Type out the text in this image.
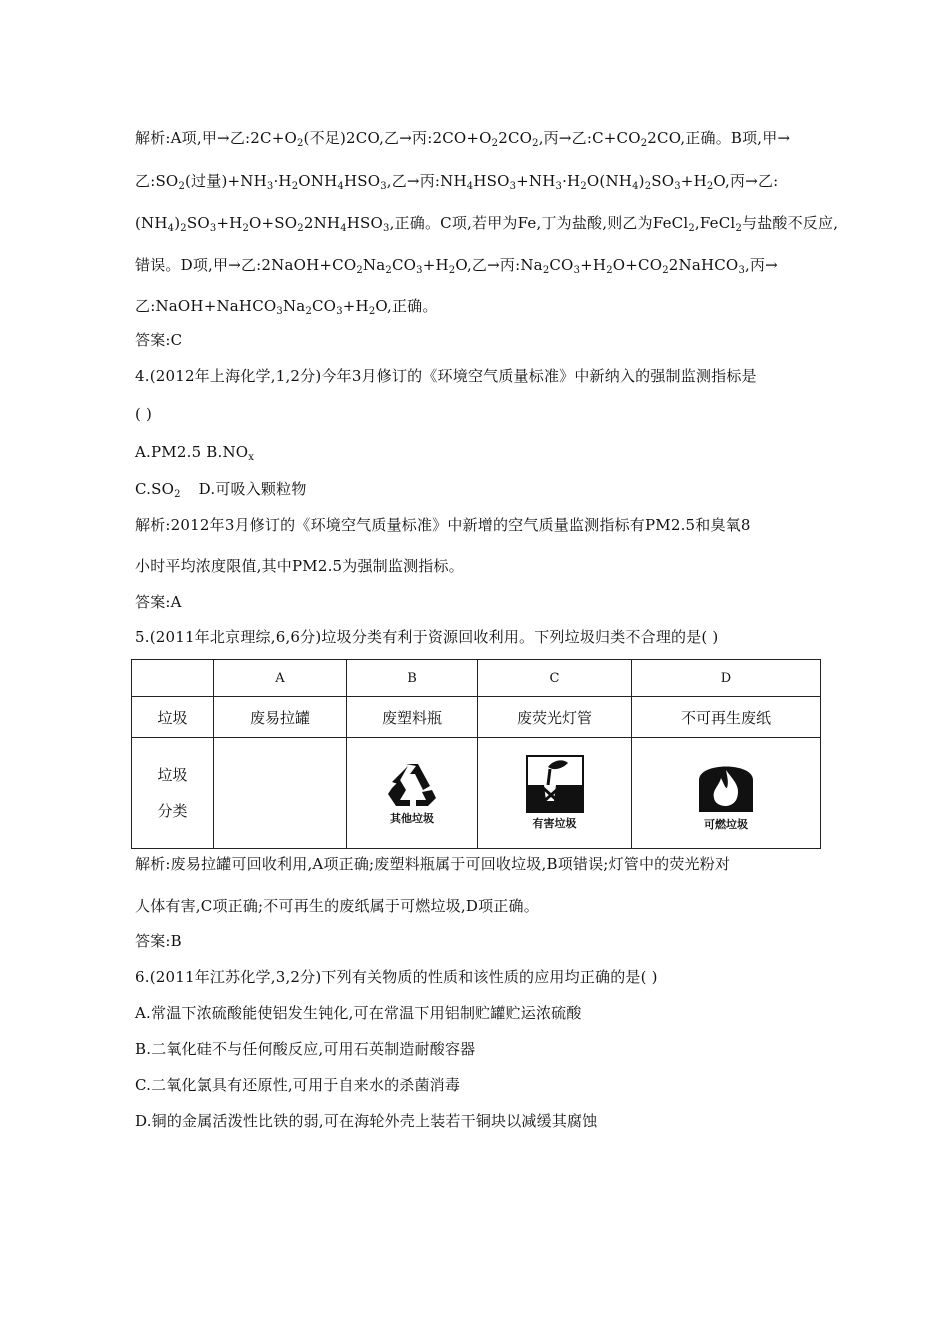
解析:A项,甲→乙$:2C+O_2$(不足)2CO,乙→丙$:2CO+O_22CO_2$,丙→乙$:C+CO_22CO$,正确。B项,甲→
乙$:SO_2$(过量)$+NH_3\cdot H_2ONH_4HSO_3$,乙→丙$:NH_4HSO_3+NH_3\cdot H_2O(NH_4)_2SO_3+H_2O$,丙→乙:
$(NH_4)_2SO_3+H_2O+SO_22NH_4HSO_3$,正确。C项,若甲为Fe,丁为盐酸,则乙为FeCl$_2$,FeCl$_2$与盐酸不反应,
错误。D项,甲→乙$:2NaOH+CO_2Na_2CO_3+H_2O$,乙→丙$:Na_2CO_3+H_2O+CO_22NaHCO_3$,丙→
乙$:NaOH+NaHCO_3Na_2CO_3+H_2O$,正确。
答案:C
4.(2012年上海化学,1,2分)今年3月修订的《环境空气质量标准》中新纳入的强制监测指标是
( )
A.PM2.5 $B.NO_x$
$C.SO_2$ D.可吸入颗粒物
解析:2012年3月修订的《环境空气质量标准》中新增的空气质量监测指标有PM2.5和臭氧8
小时平均浓度限值,其中PM2.5为强制监测指标。
答案:A
5.(2011年北京理综,6,6分)垃圾分类有利于资源回收利用。下列垃圾归类不合理的是( )
	A	B	C	D
垃圾	废易拉罐	废塑料瓶	废荧光灯管	不可再生废纸

垃圾
分类		其他垃圾	有害垃圾	可燃垃圾
解析:废易拉罐可回收利用,A项正确;废塑料瓶属于可回收垃圾,B项错误;灯管中的荧光粉对
人体有害,C项正确;不可再生的废纸属于可燃垃圾,D项正确。
答案:B
6.(2011年江苏化学,3,2分)下列有关物质的性质和该性质的应用均正确的是( )
A.常温下浓硫酸能使铝发生钝化,可在常温下用铝制贮罐贮运浓硫酸
B.二氧化硅不与任何酸反应,可用石英制造耐酸容器
C.二氧化氯具有还原性,可用于自来水的杀菌消毒
D.铜的金属活泼性比铁的弱,可在海轮外壳上装若干铜块以减缓其腐蚀
